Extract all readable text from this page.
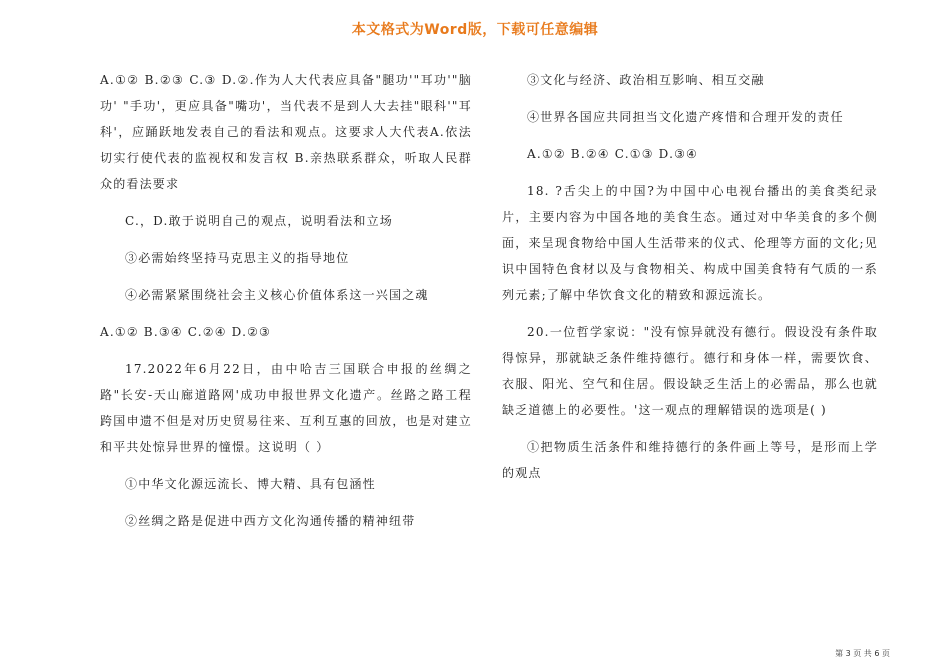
本文格式为Word版，下载可任意编辑

A.①② B.②③ C.③ D.②.作为人大代表应具备"腿功'"耳功'"脑功' "手功'，更应具备"嘴功'，当代表不是到人大去挂"眼科'"耳科'，应踊跃地发表自己的看法和观点。这要求人大代表A.依法切实行使代表的监视权和发言权 B.亲热联系群众，听取人民群众的看法要求

C.，D.敢于说明自己的观点，说明看法和立场

③必需始终坚持马克思主义的指导地位

④必需紧紧围绕社会主义核心价值体系这一兴国之魂

A.①② B.③④ C.②④ D.②③

17.2022年6月22日，由中哈吉三国联合申报的丝绸之路"长安-天山廊道路网'成功申报世界文化遗产。丝路之路工程跨国申遗不但是对历史贸易往来、互利互惠的回放，也是对建立和平共处惊异世界的憧憬。这说明（ ）

①中华文化源远流长、博大精、具有包涵性

②丝绸之路是促进中西方文化沟通传播的精神纽带

③文化与经济、政治相互影响、相互交融

④世界各国应共同担当文化遗产疼惜和合理开发的责任

A.①② B.②④ C.①③ D.③④

18. ?舌尖上的中国?为中国中心电视台播出的美食类纪录片，主要内容为中国各地的美食生态。通过对中华美食的多个侧面，来呈现食物给中国人生活带来的仪式、伦理等方面的文化;见识中国特色食材以及与食物相关、构成中国美食特有气质的一系列元素;了解中华饮食文化的精致和源远流长。

20.一位哲学家说："没有惊异就没有德行。假设没有条件取得惊异，那就缺乏条件维持德行。德行和身体一样，需要饮食、衣服、阳光、空气和住居。假设缺乏生活上的必需品，那么也就缺乏道德上的必要性。'这一观点的理解错误的选项是( )

①把物质生活条件和维持德行的条件画上等号，是形而上学的观点

第 3 页 共 6 页
